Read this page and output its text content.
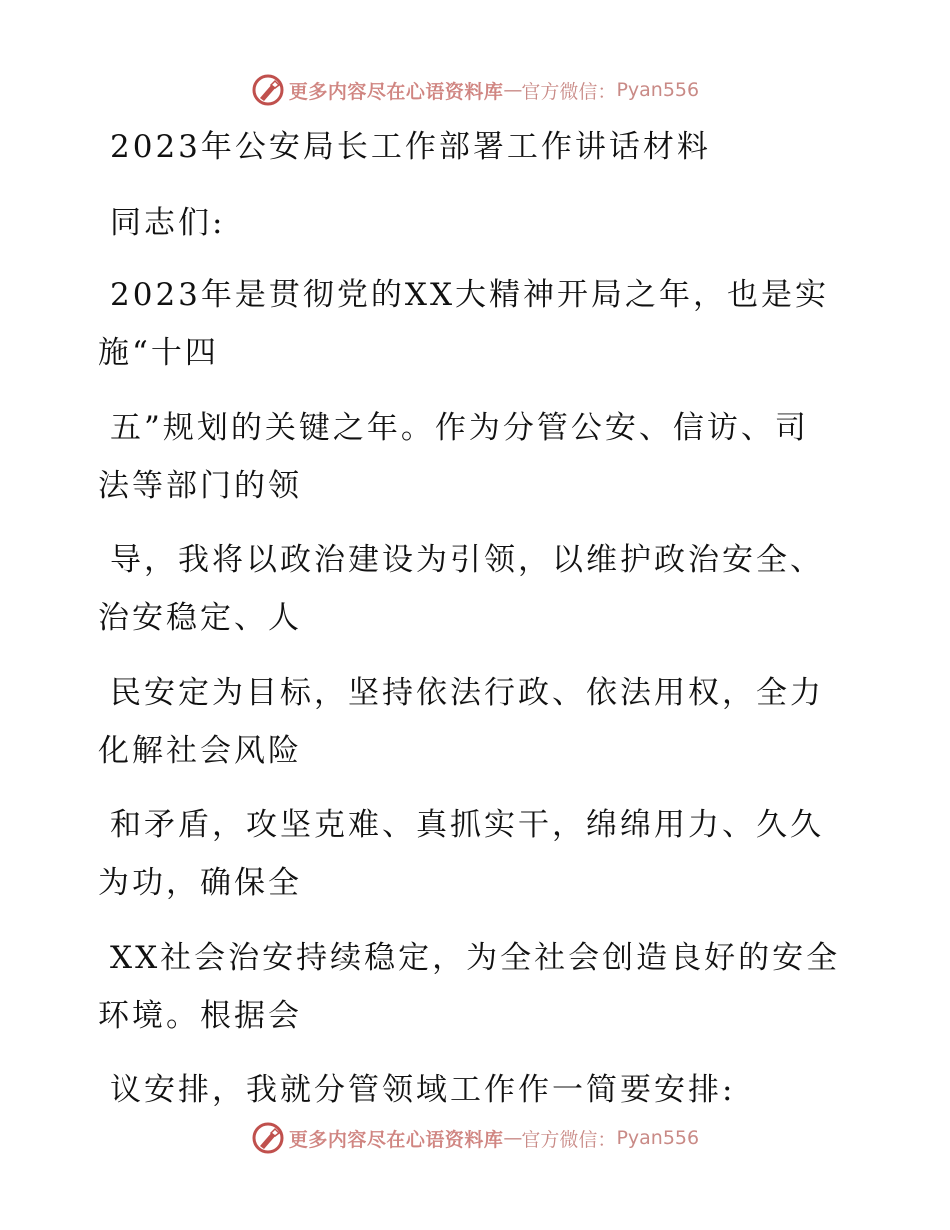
更多内容尽在心语资料库 — 官方微信： Pyan556
2023年公安局长工作部署工作讲话材料
同志们:
2023年是贯彻党的XX大精神开局之年，也是实
施“十四
五”规划的关键之年。作为分管公安、信访、司
法等部门的领
导，我将以政治建设为引领，以维护政治安全、
治安稳定、人
民安定为目标，坚持依法行政、依法用权，全力
化解社会风险
和矛盾，攻坚克难、真抓实干，绵绵用力、久久
为功，确保全
XX社会治安持续稳定，为全社会创造良好的安全
环境。根据会
议安排，我就分管领域工作作一简要安排:
更多内容尽在心语资料库 — 官方微信： Pyan556
